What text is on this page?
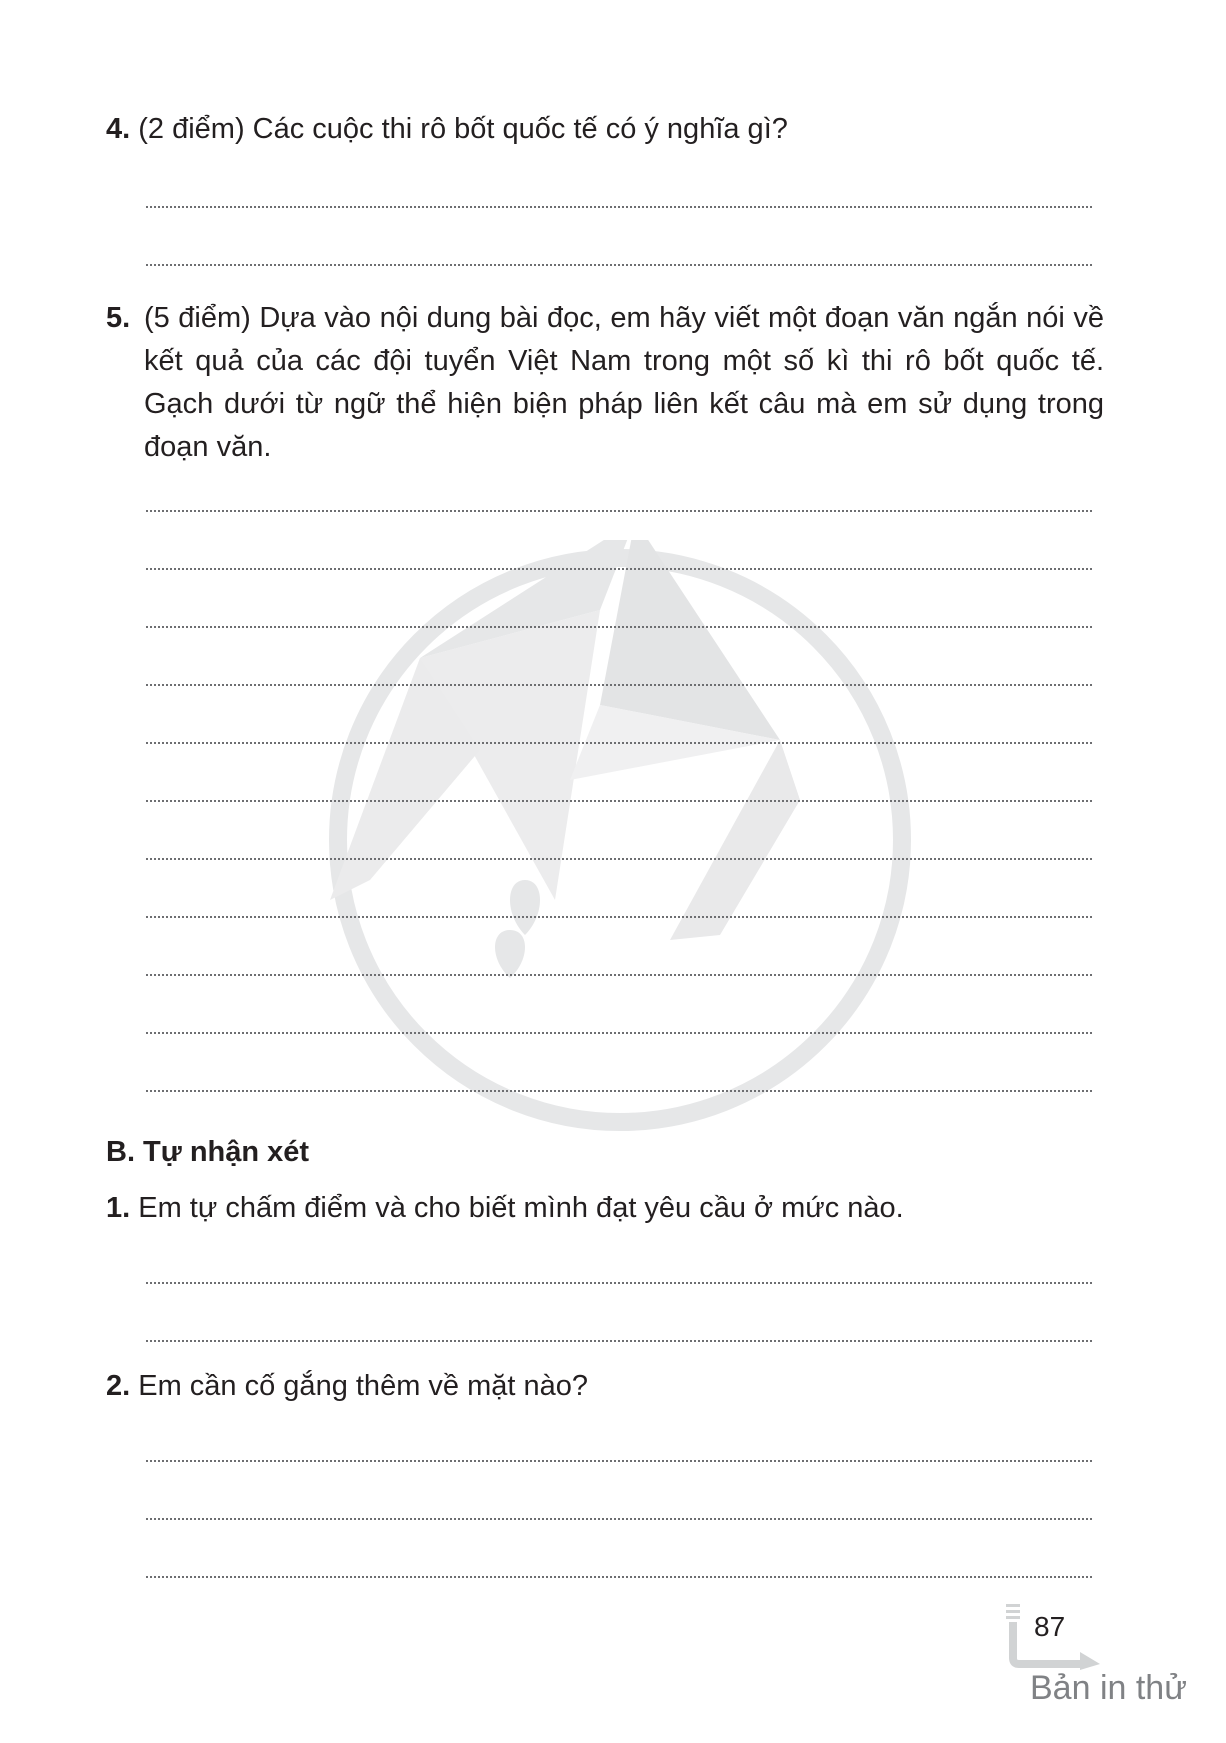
4. (2 điểm) Các cuộc thi rô bốt quốc tế có ý nghĩa gì?
5. (5 điểm) Dựa vào nội dung bài đọc, em hãy viết một đoạn văn ngắn nói về kết quả của các đội tuyển Việt Nam trong một số kì thi rô bốt quốc tế. Gạch dưới từ ngữ thể hiện biện pháp liên kết câu mà em sử dụng trong đoạn văn.
B. Tự nhận xét
1. Em tự chấm điểm và cho biết mình đạt yêu cầu ở mức nào.
2. Em cần cố gắng thêm về mặt nào?
87
Bản in thử
